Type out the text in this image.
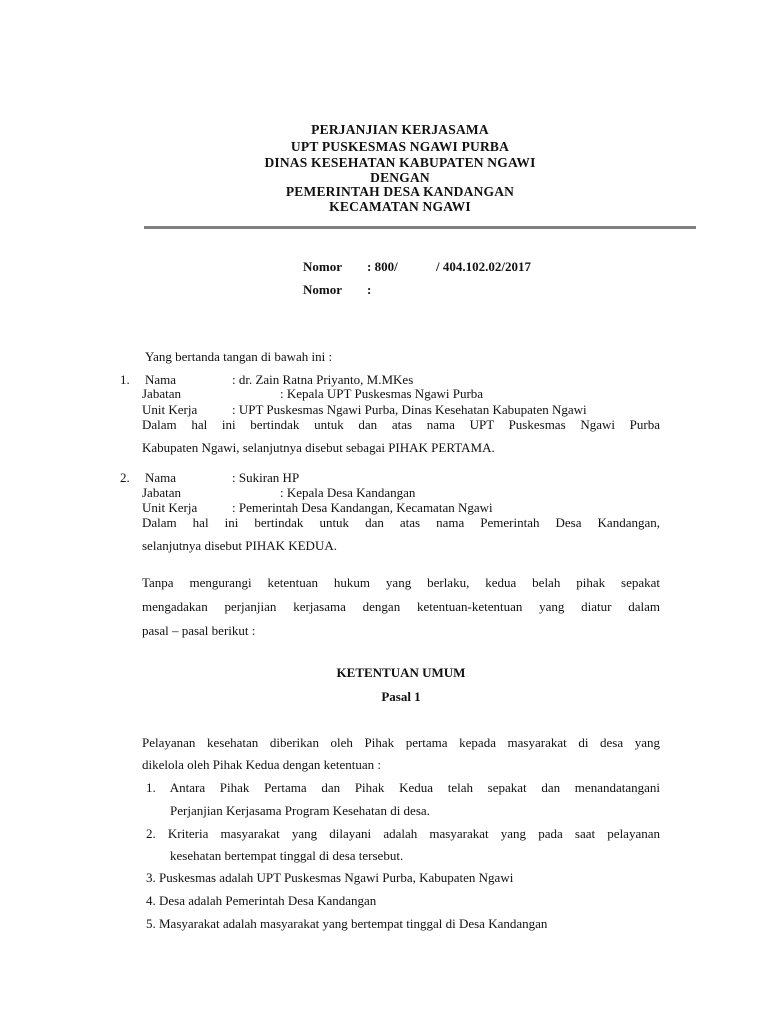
PERJANJIAN KERJASAMA
UPT PUSKESMAS NGAWI PURBA
DINAS KESEHATAN KABUPATEN NGAWI
DENGAN
PEMERINTAH DESA KANDANGAN
KECAMATAN NGAWI
Nomor : 800/	/ 404.102.02/2017
Nomor :
Yang bertanda tangan di bawah ini :
1. Nama	: dr. Zain Ratna Priyanto, M.MKes
Jabatan	: Kepala UPT Puskesmas Ngawi Purba
Unit Kerja	: UPT Puskesmas Ngawi Purba, Dinas Kesehatan Kabupaten Ngawi
Dalam hal ini bertindak untuk dan atas nama UPT Puskesmas Ngawi Purba
Kabupaten Ngawi, selanjutnya disebut sebagai PIHAK PERTAMA.
2. Nama	: Sukiran HP
Jabatan	: Kepala Desa Kandangan
Unit Kerja	: Pemerintah Desa Kandangan, Kecamatan Ngawi
Dalam hal ini bertindak untuk dan atas nama Pemerintah Desa Kandangan,
selanjutnya disebut PIHAK KEDUA.
Tanpa mengurangi ketentuan hukum yang berlaku, kedua belah pihak sepakat
mengadakan perjanjian kerjasama dengan ketentuan-ketentuan yang diatur dalam
pasal – pasal berikut :
KETENTUAN UMUM
Pasal 1
Pelayanan kesehatan diberikan oleh Pihak pertama kepada masyarakat di desa yang
dikelola oleh Pihak Kedua dengan ketentuan :
1. Antara Pihak Pertama dan Pihak Kedua telah sepakat dan menandatangani
Perjanjian Kerjasama Program Kesehatan di desa.
2. Kriteria masyarakat yang dilayani adalah masyarakat yang pada saat pelayanan
kesehatan bertempat tinggal di desa tersebut.
3. Puskesmas adalah UPT Puskesmas Ngawi Purba, Kabupaten Ngawi
4. Desa adalah Pemerintah Desa Kandangan
5. Masyarakat adalah masyarakat yang bertempat tinggal di Desa Kandangan
